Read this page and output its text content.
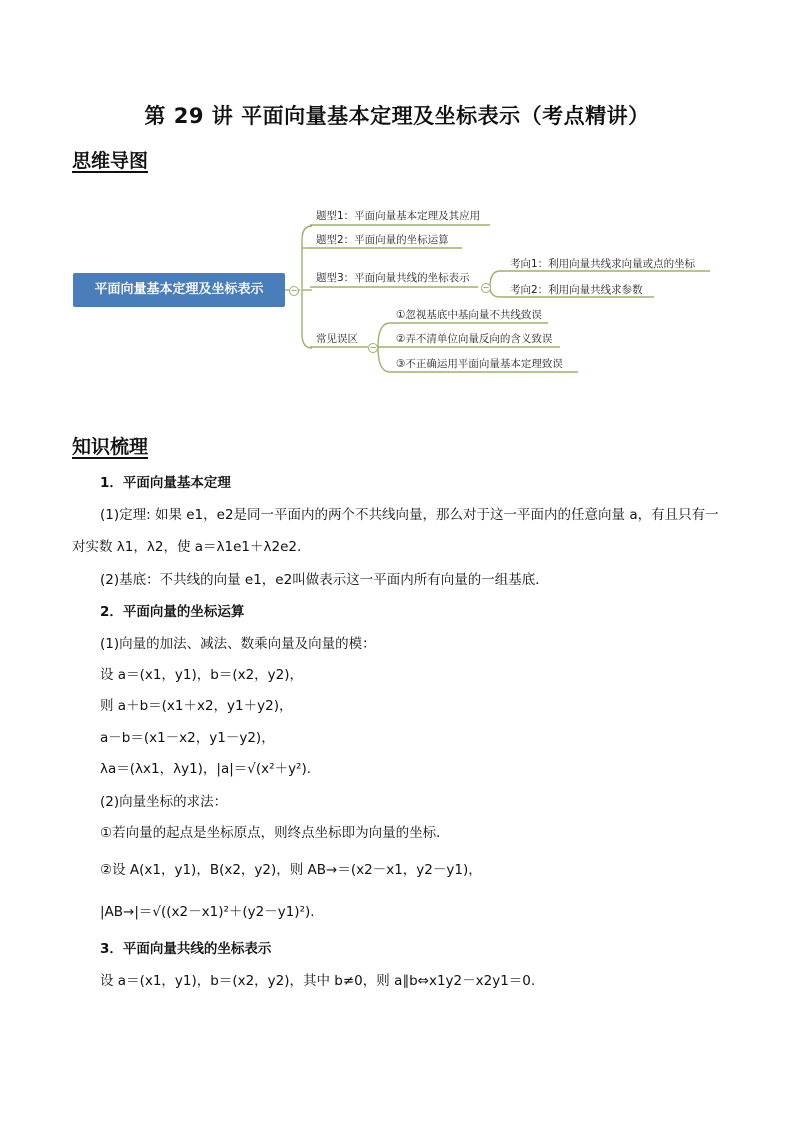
第 29 讲 平面向量基本定理及坐标表示（考点精讲）
思维导图
−	−
−
平面向量基本定理及坐标表示
题型1：平面向量基本定理及其应用
题型2：平面向量的坐标运算
题型3：平面向量共线的坐标表示
常见误区
考向1：利用向量共线求向量或点的坐标
考向2：利用向量共线求参数
①忽视基底中基向量不共线致误
②弄不清单位向量反向的含义致误
③不正确运用平面向量基本定理致误
知识梳理
1．平面向量基本定理
(1)定理: 如果 e1，e2是同一平面内的两个不共线向量，那么对于这一平面内的任意向量 a，有且只有一
对实数 λ1，λ2，使 a＝λ1e1＋λ2e2.
(2)基底：不共线的向量 e1，e2叫做表示这一平面内所有向量的一组基底．
2．平面向量的坐标运算
(1)向量的加法、减法、数乘向量及向量的模：
设 a＝(x1，y1)，b＝(x2，y2)，
则 a＋b＝(x1＋x2，y1＋y2)，
a－b＝(x1－x2，y1－y2)，
λa＝(λx1，λy1)，|a|＝√(x²＋y²).
(2)向量坐标的求法：
①若向量的起点是坐标原点，则终点坐标即为向量的坐标．
②设 A(x1，y1)，B(x2，y2)，则 AB→＝(x2－x1，y2－y1)，
|AB→|＝√((x2－x1)²＋(y2－y1)²).
3．平面向量共线的坐标表示
设 a＝(x1，y1)，b＝(x2，y2)，其中 b≠0，则 a∥b⇔x1y2－x2y1＝0.
